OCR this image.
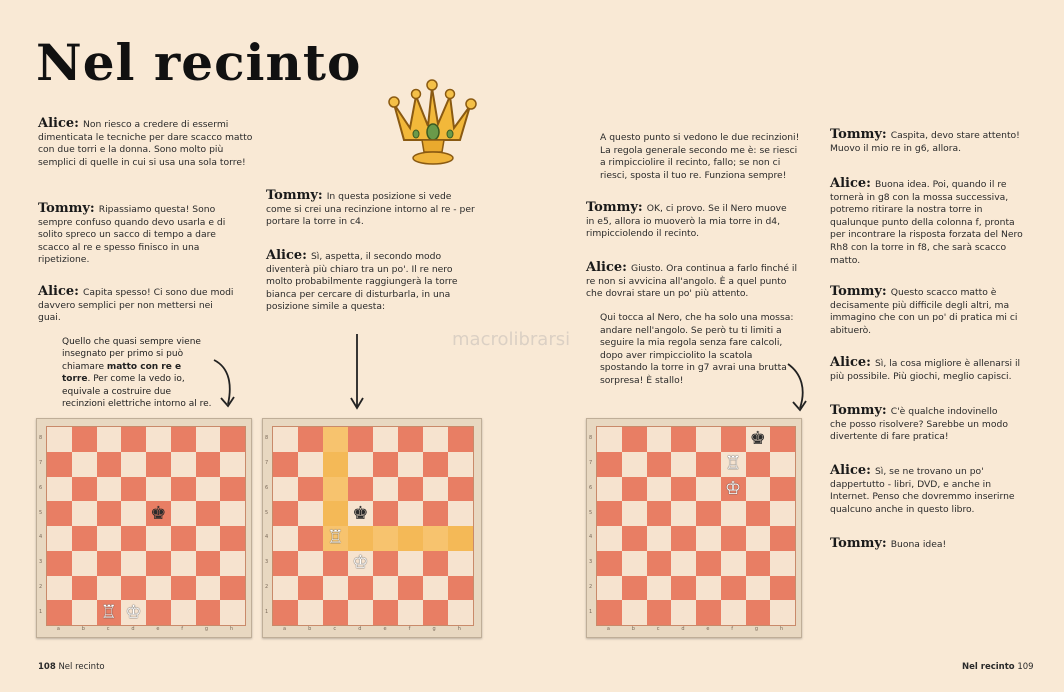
Nel recinto
Alice: Non riesco a credere di essermi dimenticata le tecniche per dare scacco matto con due torri e la donna. Sono molto più semplici di quelle in cui si usa una sola torre!
Tommy: Ripassiamo questa! Sono sempre confuso quando devo usarla e di solito spreco un sacco di tempo a dare scacco al re e spesso finisco in una ripetizione.
Alice: Capita spesso! Ci sono due modi davvero semplici per non mettersi nei guai.
Tommy: In questa posizione si vede come si crei una recinzione intorno al re - per portare la torre in c4.
Alice: Sì, aspetta, il secondo modo diventerà più chiaro tra un po'. Il re nero molto probabilmente raggiungerà la torre bianca per cercare di disturbarla, in una posizione simile a questa:
Quello che quasi sempre viene insegnato per primo si può chiamare matto con re e torre. Per come la vedo io, equivale a costruire due recinzioni elettriche intorno al re.
macrolibrarsi
A questo punto si vedono le due recinzioni! La regola generale secondo me è: se riesci a rimpicciolire il recinto, fallo; se non ci riesci, sposta il tuo re. Funziona sempre!
Tommy: OK, ci provo. Se il Nero muove in e5, allora io muoverò la mia torre in d4, rimpicciolendo il recinto.
Alice: Giusto. Ora continua a farlo finché il re non si avvicina all'angolo. È a quel punto che dovrai stare un po' più attento.
Qui tocca al Nero, che ha solo una mossa: andare nell'angolo. Se però tu ti limiti a seguire la mia regola senza fare calcoli, dopo aver rimpicciolito la scatola spostando la torre in g7 avrai una brutta sorpresa! È stallo!
Tommy: Caspita, devo stare attento! Muovo il mio re in g6, allora.
Alice: Buona idea. Poi, quando il re tornerà in g8 con la mossa successiva, potremo ritirare la nostra torre in qualunque punto della colonna f, pronta per incontrare la risposta forzata del Nero Rh8 con la torre in f8, che sarà scacco matto.
Tommy: Questo scacco matto è decisamente più difficile degli altri, ma immagino che con un po' di pratica mi ci abituerò.
Alice: Sì, la cosa migliore è allenarsi il più possibile. Più giochi, meglio capisci.
Tommy: C'è qualche indovinello che posso risolvere? Sarebbe un modo divertente di fare pratica!
Alice: Sì, se ne trovano un po' dappertutto - libri, DVD, e anche in Internet. Penso che dovremmo inserirne qualcuno anche in questo libro.
Tommy: Buona idea!
♚
♖ ♔
8
7
6
5
4
3
2
1
a	b	c	d	e	f	g	h
♚
♖
♔
8
7
6
5
4
3
2
1
a	b	c	d	e	f	g	h
♚
♖
♔
8
7
6
5
4
3
2
1
a	b	c	d	e	f	g	h
108 Nel recinto	Nel recinto 109
